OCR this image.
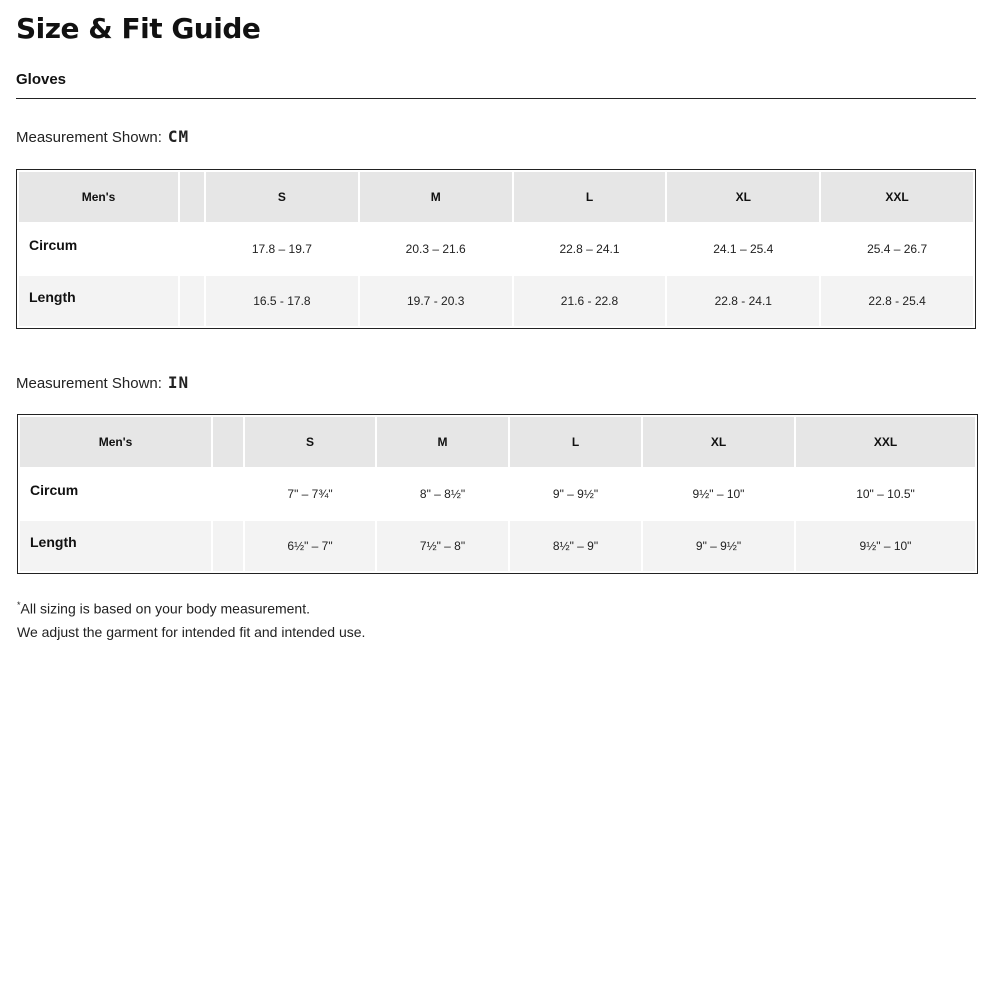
Size & Fit Guide
Gloves
Measurement Shown: CM
Men's		S	M	L	XL	XXL
Circum		17.8 – 19.7	20.3 – 21.6	22.8 – 24.1	24.1 – 25.4	25.4 – 26.7
Length		16.5 - 17.8	19.7 - 20.3	21.6 - 22.8	22.8 - 24.1	22.8 - 25.4
Measurement Shown: IN
Men's		S	M	L	XL	XXL
Circum		7" – 7¾"	8" – 8½"	9" – 9½"	9½" – 10"	10" – 10.5"
Length		6½" – 7"	7½" – 8"	8½" – 9"	9" – 9½"	9½" – 10"
*All sizing is based on your body measurement.
We adjust the garment for intended fit and intended use.
